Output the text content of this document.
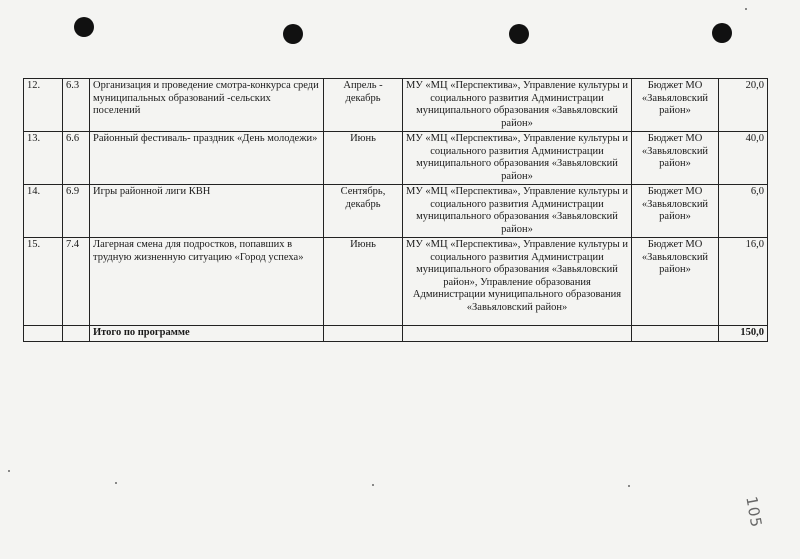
12.	6.3	Организация и проведение смотра-конкурса среди муниципальных образований -сельских поселений	Апрель - декабрь	МУ «МЦ «Перспектива», Управление культуры и социального развития Администрации муниципального образования «Завьяловский район»	Бюджет МО «Завьяловский район»	20,0
13.	6.6	Районный фестиваль- праздник «День молодежи»	Июнь	МУ «МЦ «Перспектива», Управление культуры и социального развития Администрации муниципального образования «Завьяловский район»	Бюджет МО «Завьяловский район»	40,0
14.	6.9	Игры районной лиги КВН	Сентябрь, декабрь	МУ «МЦ «Перспектива», Управление культуры и социального развития Администрации муниципального образования «Завьяловский район»	Бюджет МО «Завьяловский район»	6,0
15.	7.4	Лагерная смена для подростков, попавших в трудную жизненную ситуацию «Город успеха»	Июнь	МУ «МЦ «Перспектива», Управление культуры и социального развития Администрации муниципального образования «Завьяловский район», Управление образования Администрации муниципального образования «Завьяловский район»	Бюджет МО «Завьяловский район»	16,0
		Итого по программе				150,0
105
